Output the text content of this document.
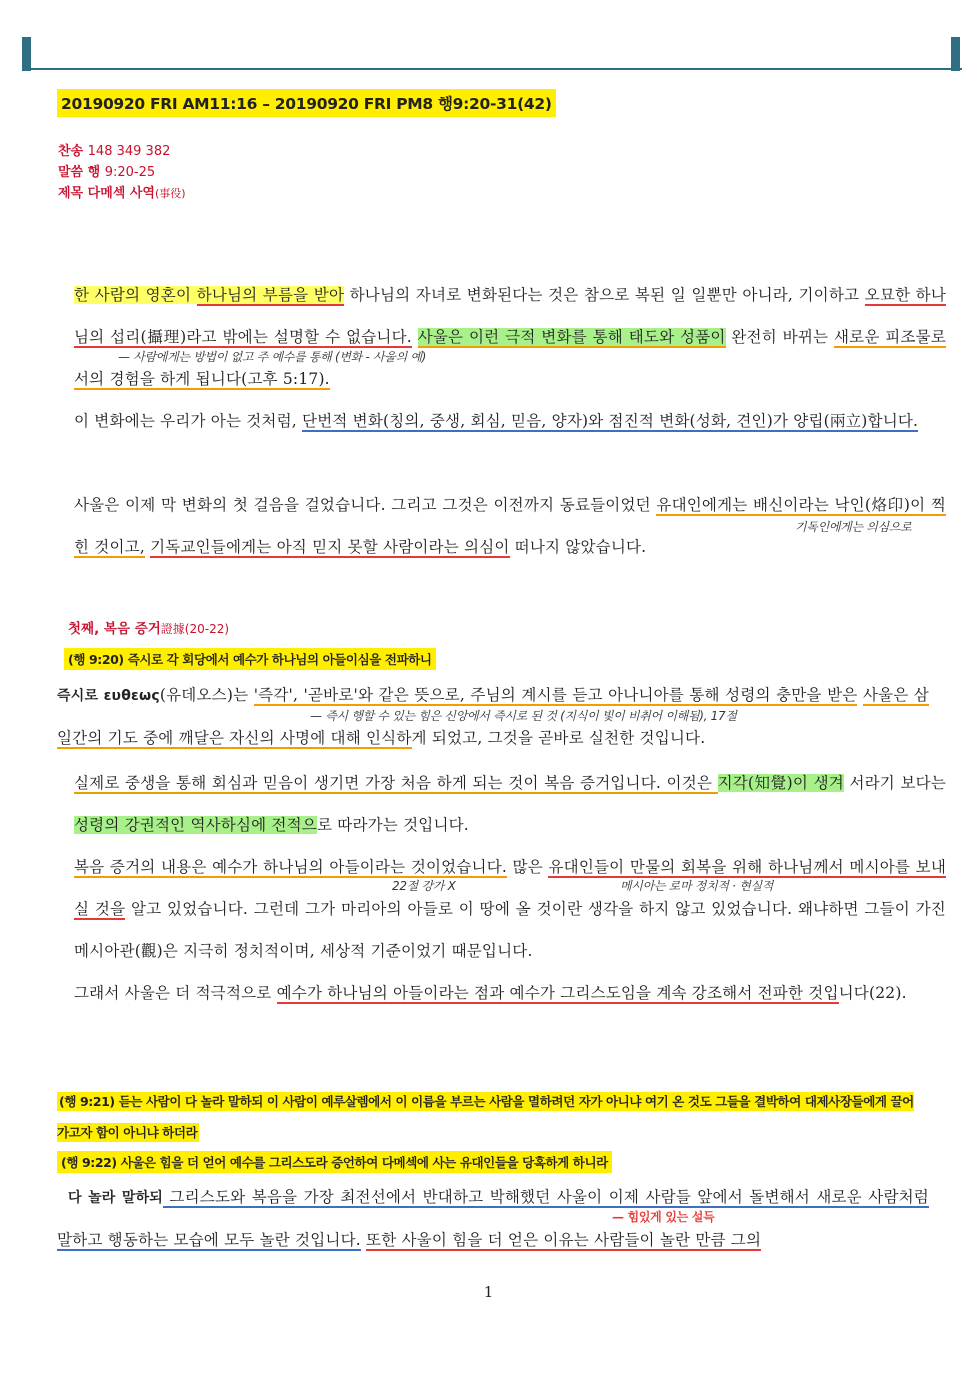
20190920 FRI AM11:16 – 20190920 FRI PM8 행9:20-31(42)
찬송 148 349 382
말씀 행 9:20-25
제목 다메섹 사역(事役)
한 사람의 영혼이 하나님의 부름을 받아 하나님의 자녀로 변화된다는 것은 참으로 복된 일 일뿐만 아니라, 기이하고 오묘한 하나님의 섭리(攝理)라고 밖에는 설명할 수 없습니다. 사울은 이런 극적 변화를 통해 태도와 성품이 완전히 바뀌는 새로운 피조물로서의 경험을 하게 됩니다(고후 5:17).
— 사람에게는 방법이 없고 주 예수를 통해 (변화 - 사울의 예)
이 변화에는 우리가 아는 것처럼, 단번적 변화(칭의, 중생, 회심, 믿음, 양자)와 점진적 변화(성화, 견인)가 양립(兩立)합니다.
사울은 이제 막 변화의 첫 걸음을 걸었습니다. 그리고 그것은 이전까지 동료들이었던 유대인에게는 배신이라는 낙인(烙印)이 찍힌 것이고, 기독교인들에게는 아직 믿지 못할 사람이라는 의심이 떠나지 않았습니다.
기독인에게는 의심으로
첫째, 복음 증거證據(20-22)
(행 9:20) 즉시로 각 회당에서 예수가 하나님의 아들이심을 전파하니
즉시로 ευθεως(유데오스)는 '즉각', '곧바로'와 같은 뜻으로, 주님의 계시를 듣고 아나니아를 통해 성령의 충만을 받은 사울은 삼 일간의 기도 중에 깨달은 자신의 사명에 대해 인식하게 되었고, 그것을 곧바로 실천한 것입니다.
— 즉시 행할 수 있는 힘은 신앙에서 즉시로 된 것 (지식이 빛이 비취어 이해됨), 17절
실제로 중생을 통해 회심과 믿음이 생기면 가장 처음 하게 되는 것이 복음 증거입니다. 이것은 지각(知覺)이 생겨 서라기 보다는 성령의 강권적인 역사하심에 전적으로 따라가는 것입니다.
복음 증거의 내용은 예수가 하나님의 아들이라는 것이었습니다. 많은 유대인들이 만물의 회복을 위해 하나님께서 메시아를 보내실 것을 알고 있었습니다. 그런데 그가 마리아의 아들로 이 땅에 올 것이란 생각을 하지 않고 있었습니다. 왜냐하면 그들이 가진 메시아관(觀)은 지극히 정치적이며, 세상적 기준이었기 때문입니다.
22절 강가 X	메시아는 로마 정치적 · 현실적
그래서 사울은 더 적극적으로 예수가 하나님의 아들이라는 점과 예수가 그리스도임을 계속 강조해서 전파한 것입니다(22).
(행 9:21) 듣는 사람이 다 놀라 말하되 이 사람이 예루살렘에서 이 이름을 부르는 사람을 멸하려던 자가 아니냐 여기 온 것도 그들을 결박하여 대제사장들에게 끌어 가고자 함이 아니냐 하더라
(행 9:22) 사울은 힘을 더 얻어 예수를 그리스도라 증언하여 다메섹에 사는 유대인들을 당혹하게 하니라
다 놀라 말하되 그리스도와 복음을 가장 최전선에서 반대하고 박해했던 사울이 이제 사람들 앞에서 돌변해서 새로운 사람처럼 말하고 행동하는 모습에 모두 놀란 것입니다. 또한 사울이 힘을 더 얻은 이유는 사람들이 놀란 만큼 그의
— 힘있게 있는 설득
1
